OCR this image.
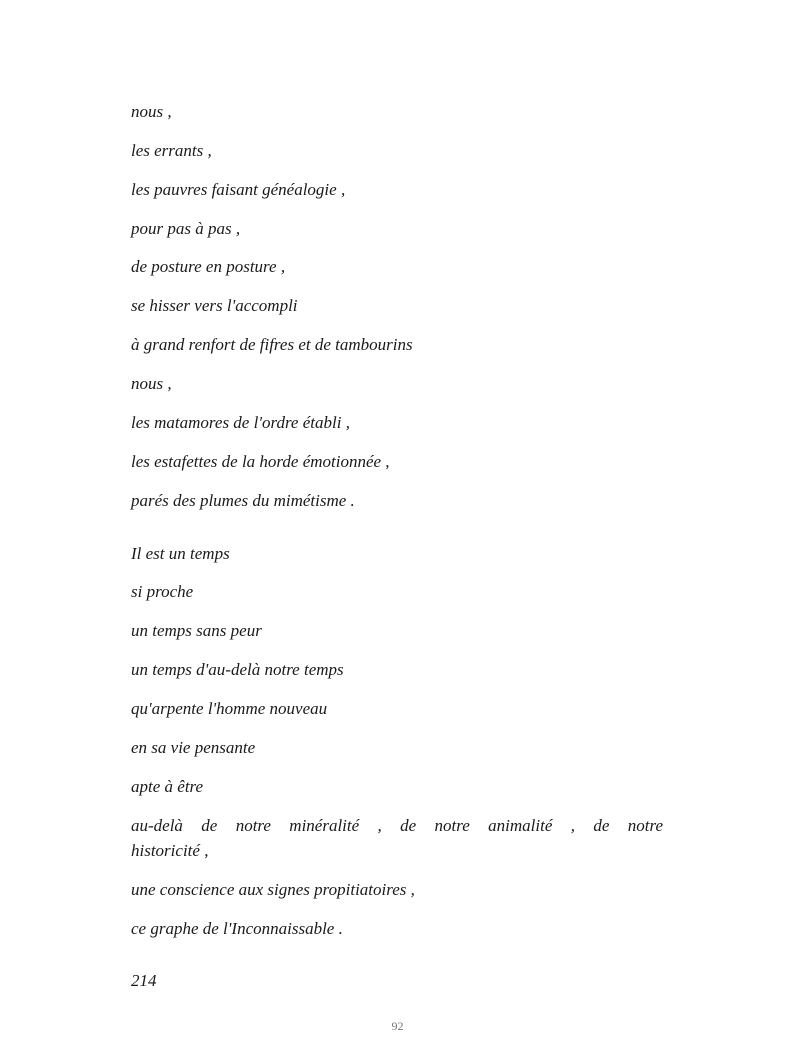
nous ,
les errants ,
les pauvres faisant généalogie ,
pour pas à pas ,
de posture en posture ,
se hisser vers l'accompli
à grand renfort de fifres et de tambourins
nous ,
les matamores de l'ordre établi ,
les estafettes de la horde émotionnée ,
parés des plumes du mimétisme .
Il est un temps
si proche
un temps sans peur
un temps d'au-delà notre temps
qu'arpente l'homme nouveau
en sa vie pensante
apte à être
au-delà de notre minéralité , de notre animalité , de notre
historicité ,
une conscience aux signes propitiatoires ,
ce graphe de l'Inconnaissable .
214
92
